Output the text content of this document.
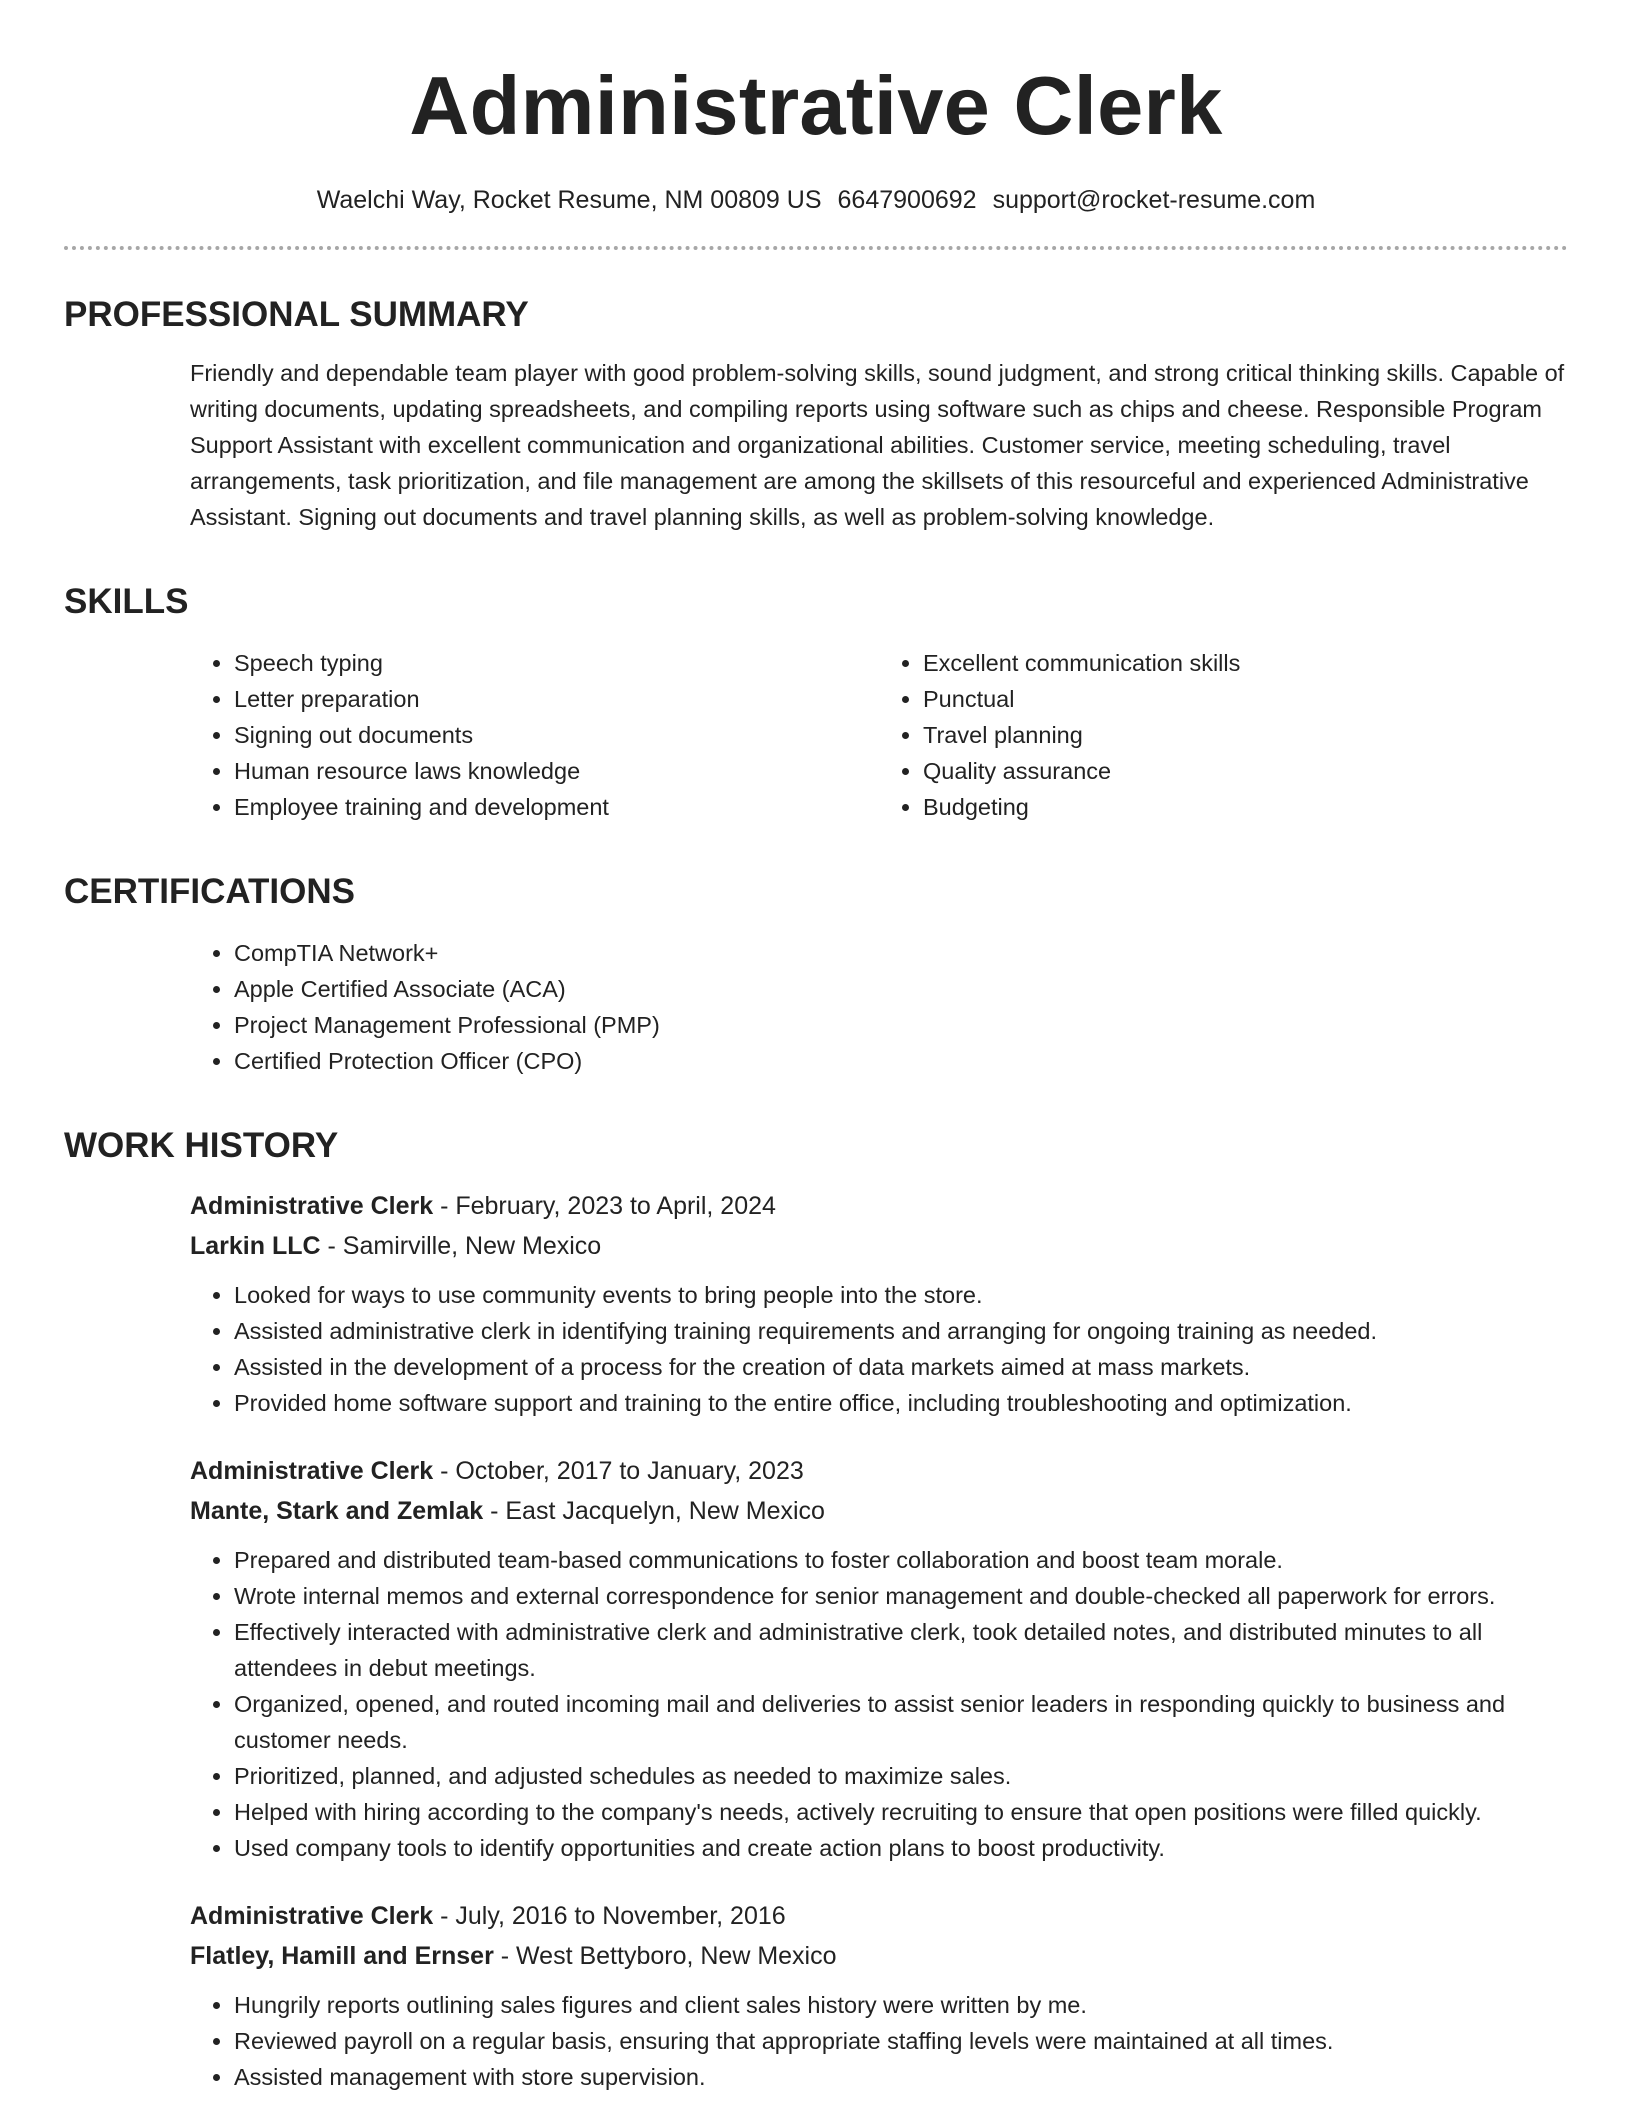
Administrative Clerk
Waelchi Way, Rocket Resume, NM 00809 US 6647900692 support@rocket-resume.com
PROFESSIONAL SUMMARY
Friendly and dependable team player with good problem-solving skills, sound judgment, and strong critical thinking skills. Capable of writing documents, updating spreadsheets, and compiling reports using software such as chips and cheese. Responsible Program Support Assistant with excellent communication and organizational abilities. Customer service, meeting scheduling, travel arrangements, task prioritization, and file management are among the skillsets of this resourceful and experienced Administrative Assistant. Signing out documents and travel planning skills, as well as problem-solving knowledge.
SKILLS
• Speech typing
• Letter preparation
• Signing out documents
• Human resource laws knowledge
• Employee training and development
• Excellent communication skills
• Punctual
• Travel planning
• Quality assurance
• Budgeting
CERTIFICATIONS
• CompTIA Network+
• Apple Certified Associate (ACA)
• Project Management Professional (PMP)
• Certified Protection Officer (CPO)
WORK HISTORY
Administrative Clerk - February, 2023 to April, 2024
Larkin LLC - Samirville, New Mexico
• Looked for ways to use community events to bring people into the store.
• Assisted administrative clerk in identifying training requirements and arranging for ongoing training as needed.
• Assisted in the development of a process for the creation of data markets aimed at mass markets.
• Provided home software support and training to the entire office, including troubleshooting and optimization.
Administrative Clerk - October, 2017 to January, 2023
Mante, Stark and Zemlak - East Jacquelyn, New Mexico
• Prepared and distributed team-based communications to foster collaboration and boost team morale.
• Wrote internal memos and external correspondence for senior management and double-checked all paperwork for errors.
• Effectively interacted with administrative clerk and administrative clerk, took detailed notes, and distributed minutes to all attendees in debut meetings.
• Organized, opened, and routed incoming mail and deliveries to assist senior leaders in responding quickly to business and customer needs.
• Prioritized, planned, and adjusted schedules as needed to maximize sales.
• Helped with hiring according to the company's needs, actively recruiting to ensure that open positions were filled quickly.
• Used company tools to identify opportunities and create action plans to boost productivity.
Administrative Clerk - July, 2016 to November, 2016
Flatley, Hamill and Ernser - West Bettyboro, New Mexico
• Hungrily reports outlining sales figures and client sales history were written by me.
• Reviewed payroll on a regular basis, ensuring that appropriate staffing levels were maintained at all times.
• Assisted management with store supervision.
